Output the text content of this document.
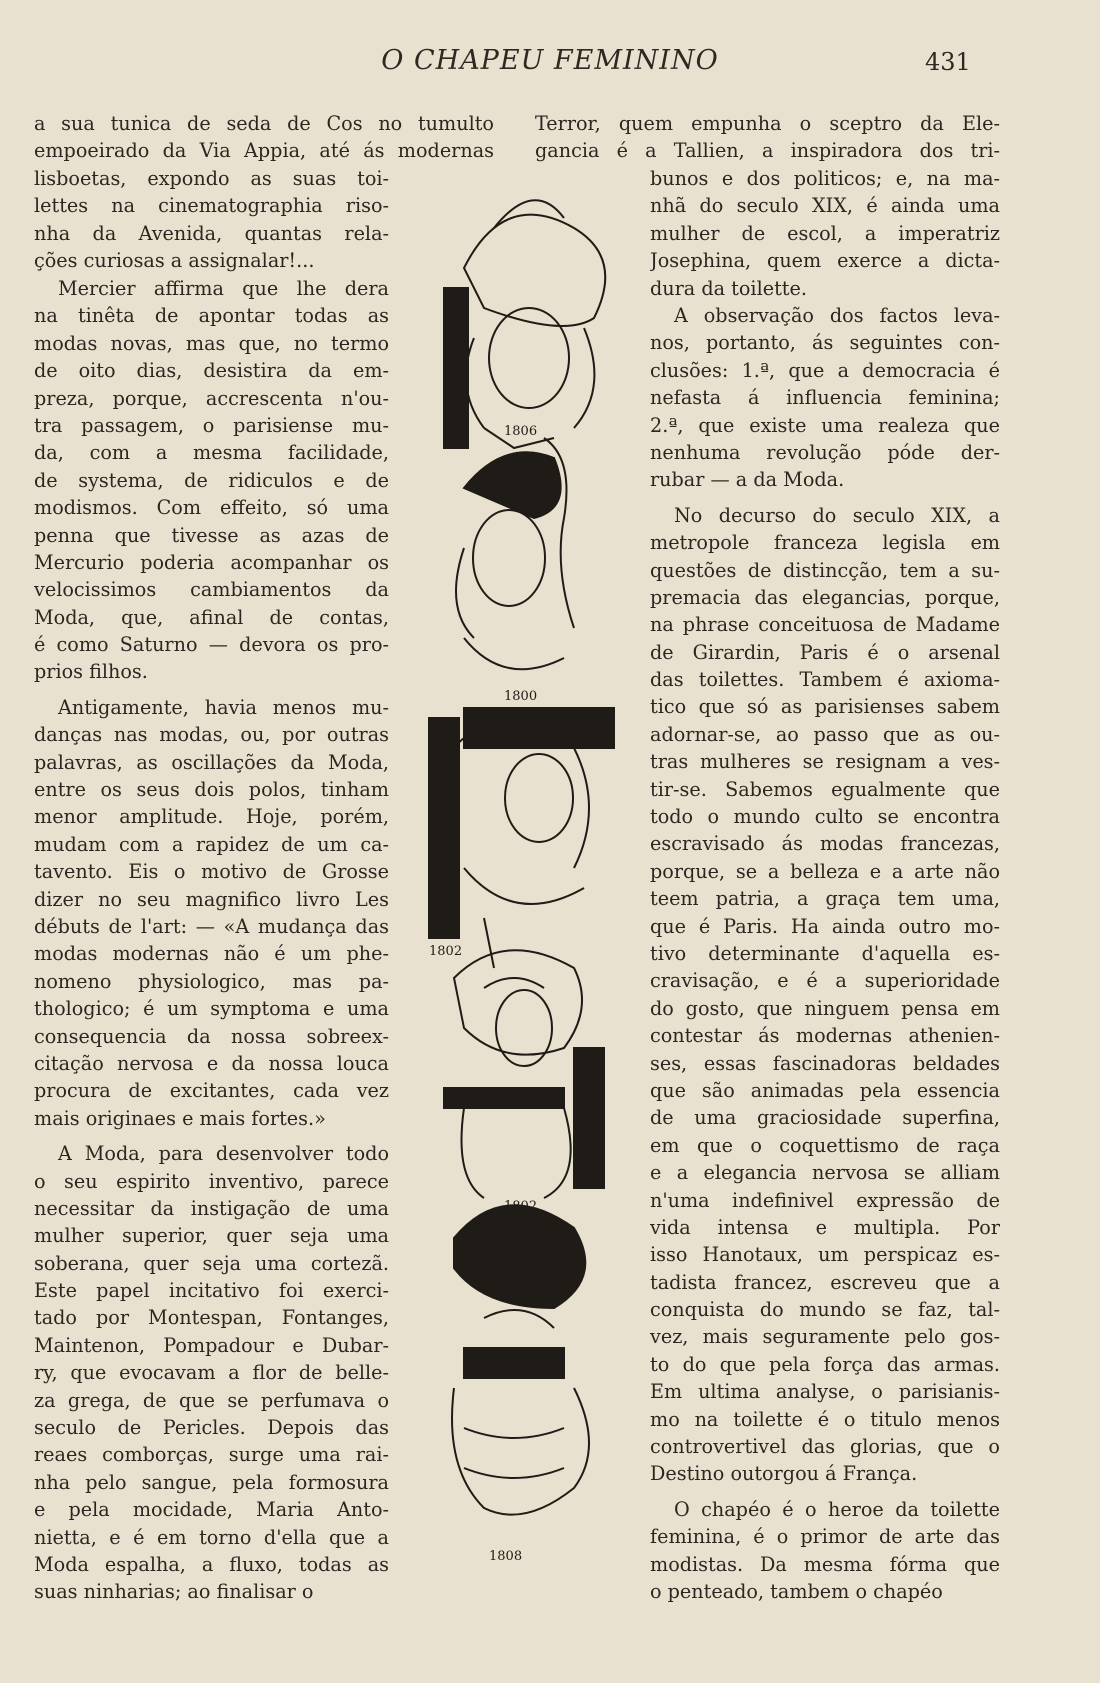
O CHAPEU FEMININO	431
a sua tunica de seda de Cos no tumulto
empoeirado da Via Appia, até ás modernas
lisboetas, expondo as suas toi-
lettes na cinematographia riso-
nha da Avenida, quantas rela-
ções curiosas a assignalar!...
Mercier affirma que lhe dera
na tinêta de apontar todas as
modas novas, mas que, no termo
de oito dias, desistira da em-
preza, porque, accrescenta n'ou-
tra passagem, o parisiense mu-
da, com a mesma facilidade,
de systema, de ridiculos e de
modismos. Com effeito, só uma
penna que tivesse as azas de
Mercurio poderia acompanhar os
velocissimos cambiamentos da
Moda, que, afinal de contas,
é como Saturno — devora os pro-
prios filhos.
Antigamente, havia menos mu-
danças nas modas, ou, por outras
palavras, as oscillações da Moda,
entre os seus dois polos, tinham
menor amplitude. Hoje, porém,
mudam com a rapidez de um ca-
tavento. Eis o motivo de Grosse
dizer no seu magnifico livro Les
débuts de l'art: — «A mudança das
modas modernas não é um phe-
nomeno physiologico, mas pa-
thologico; é um symptoma e uma
consequencia da nossa sobreex-
citação nervosa e da nossa louca
procura de excitantes, cada vez
mais originaes e mais fortes.»
A Moda, para desenvolver todo
o seu espirito inventivo, parece
necessitar da instigação de uma
mulher superior, quer seja uma
soberana, quer seja uma cortezã.
Este papel incitativo foi exerci-
tado por Montespan, Fontanges,
Maintenon, Pompadour e Dubar-
ry, que evocavam a flor de belle-
za grega, de que se perfumava o
seculo de Pericles. Depois das
reaes comborças, surge uma rai-
nha pelo sangue, pela formosura
e pela mocidade, Maria Anto-
nietta, e é em torno d'ella que a
Moda espalha, a fluxo, todas as
suas ninharias; ao finalisar o
1806
1800
1802
1802
1808
Terror, quem empunha o sceptro da Ele-
gancia é a Tallien, a inspiradora dos tri-
bunos e dos politicos; e, na ma-
nhã do seculo XIX, é ainda uma
mulher de escol, a imperatriz
Josephina, quem exerce a dicta-
dura da toilette.
A observação dos factos leva-
nos, portanto, ás seguintes con-
clusões: 1.ª, que a democracia é
nefasta á influencia feminina;
2.ª, que existe uma realeza que
nenhuma revolução póde der-
rubar — a da Moda.
No decurso do seculo XIX, a
metropole franceza legisla em
questões de distincção, tem a su-
premacia das elegancias, porque,
na phrase conceituosa de Madame
de Girardin, Paris é o arsenal
das toilettes. Tambem é axioma-
tico que só as parisienses sabem
adornar-se, ao passo que as ou-
tras mulheres se resignam a ves-
tir-se. Sabemos egualmente que
todo o mundo culto se encontra
escravisado ás modas francezas,
porque, se a belleza e a arte não
teem patria, a graça tem uma,
que é Paris. Ha ainda outro mo-
tivo determinante d'aquella es-
cravisação, e é a superioridade
do gosto, que ninguem pensa em
contestar ás modernas athenien-
ses, essas fascinadoras beldades
que são animadas pela essencia
de uma graciosidade superfina,
em que o coquettismo de raça
e a elegancia nervosa se alliam
n'uma indefinivel expressão de
vida intensa e multipla. Por
isso Hanotaux, um perspicaz es-
tadista francez, escreveu que a
conquista do mundo se faz, tal-
vez, mais seguramente pelo gos-
to do que pela força das armas.
Em ultima analyse, o parisianis-
mo na toilette é o titulo menos
controvertivel das glorias, que o
Destino outorgou á França.
O chapéo é o heroe da toilette
feminina, é o primor de arte das
modistas. Da mesma fórma que
o penteado, tambem o chapéo
